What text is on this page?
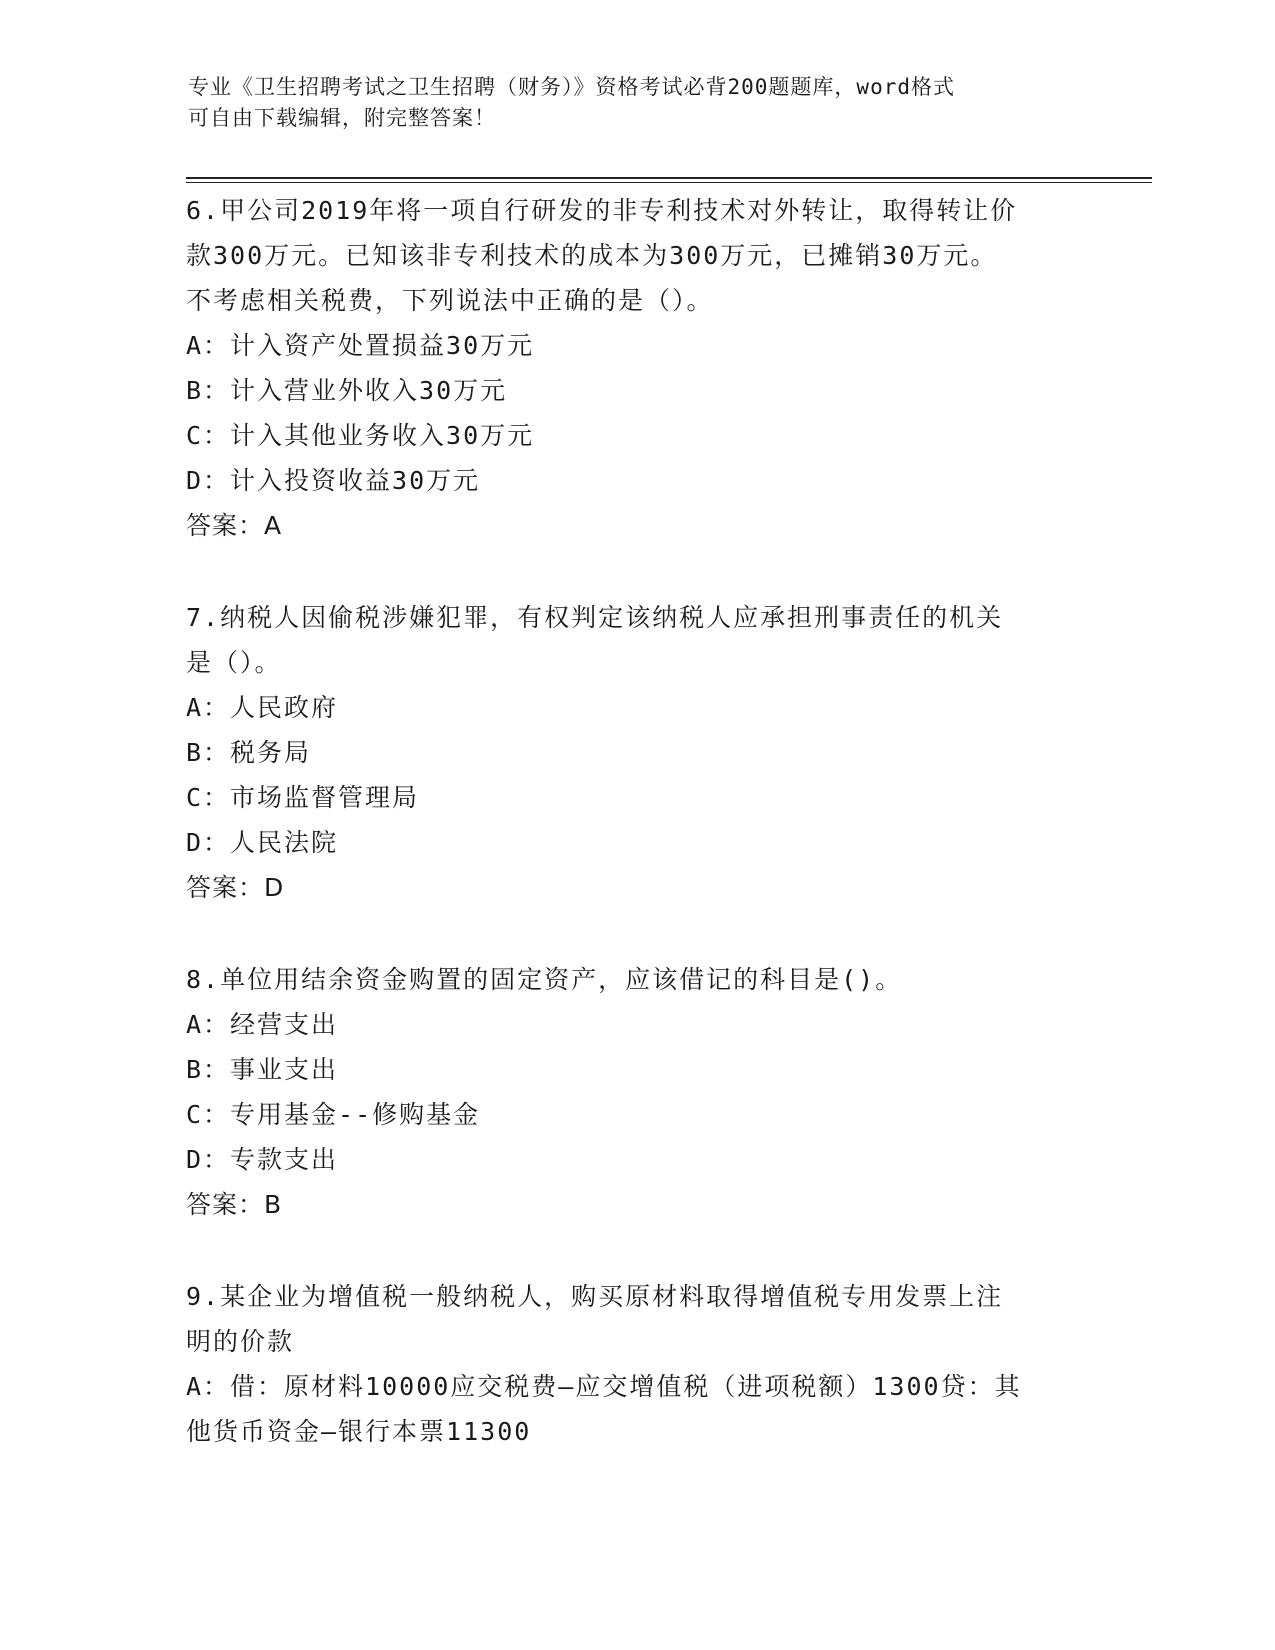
专业《卫生招聘考试之卫生招聘（财务）》资格考试必背200题题库，word格式
可自由下载编辑，附完整答案！
6.甲公司2019年将一项自行研发的非专利技术对外转让，取得转让价
款300万元。已知该非专利技术的成本为300万元，已摊销30万元。
不考虑相关税费，下列说法中正确的是（）。
A：计入资产处置损益30万元
B：计入营业外收入30万元
C：计入其他业务收入30万元
D：计入投资收益30万元
答案：A
7.纳税人因偷税涉嫌犯罪，有权判定该纳税人应承担刑事责任的机关
是（）。
A：人民政府
B：税务局
C：市场监督管理局
D：人民法院
答案：D
8.单位用结余资金购置的固定资产，应该借记的科目是()。
A：经营支出
B：事业支出
C：专用基金--修购基金
D：专款支出
答案：B
9.某企业为增值税一般纳税人，购买原材料取得增值税专用发票上注
明的价款
A：借：原材料10000应交税费—应交增值税（进项税额）1300贷：其
他货币资金—银行本票11300
